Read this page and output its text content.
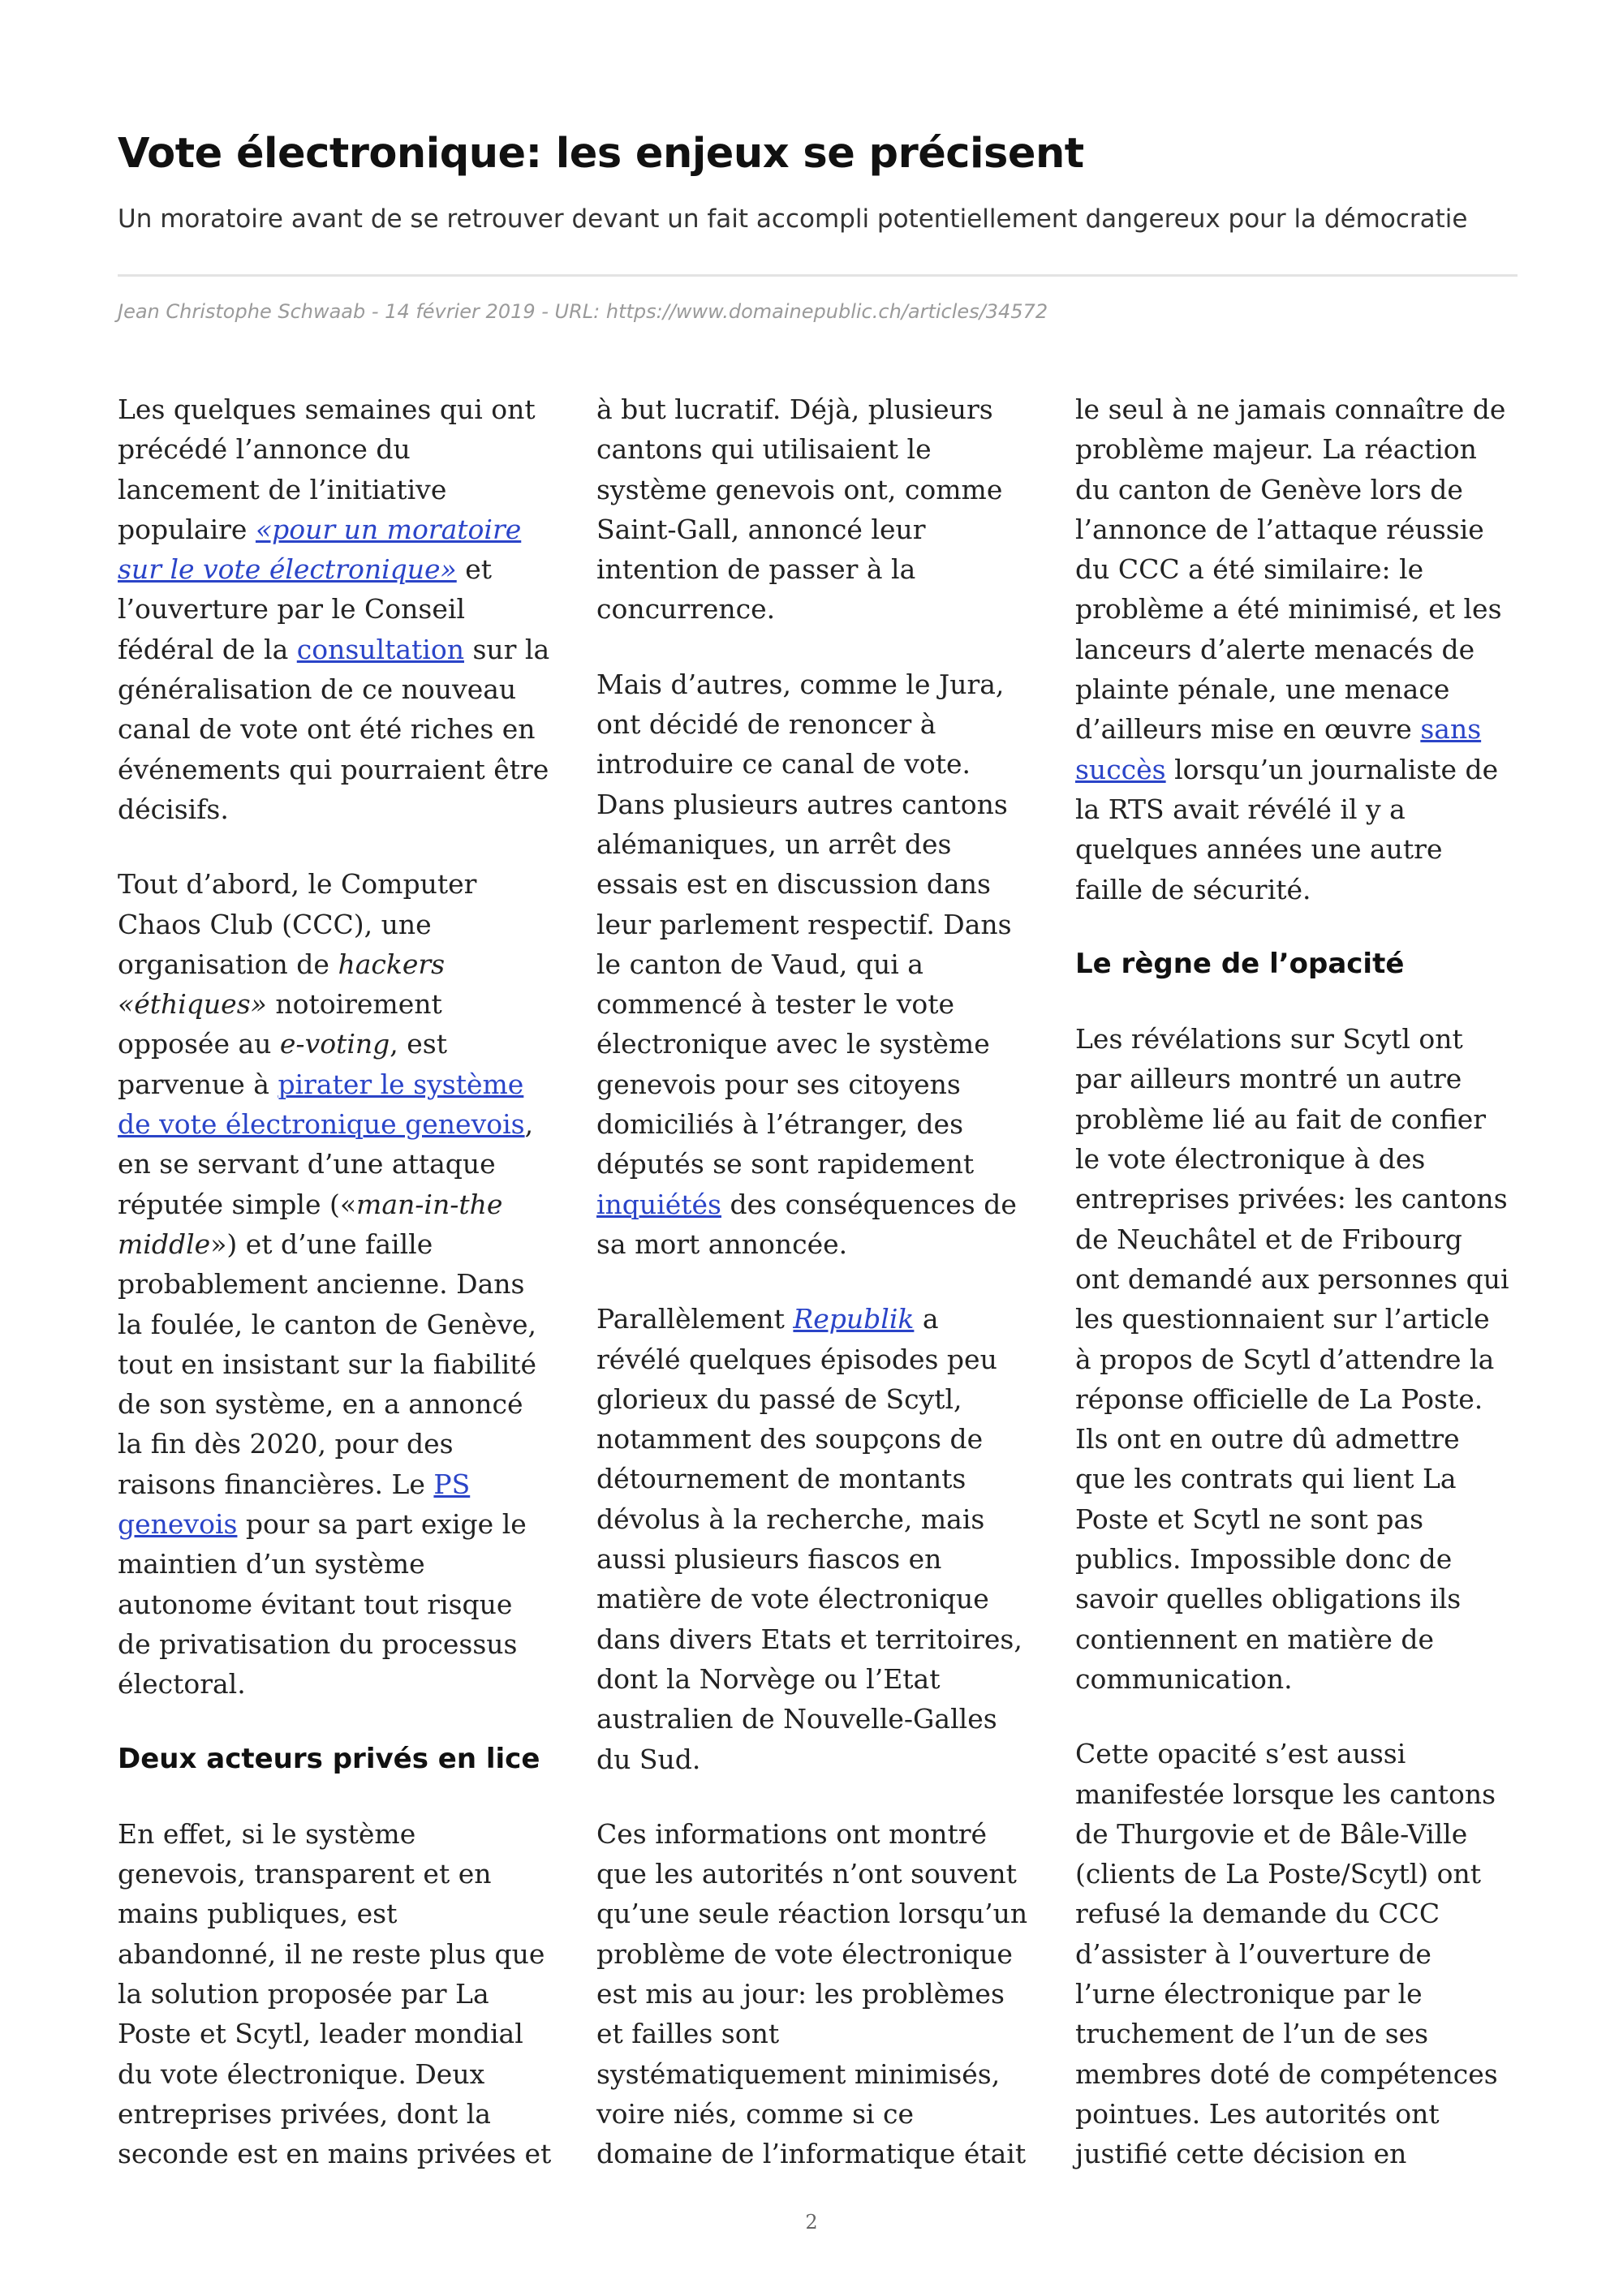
Vote électronique: les enjeux se précisent

Un moratoire avant de se retrouver devant un fait accompli potentiellement dangereux pour la démocratie

Jean Christophe Schwaab - 14 février 2019 - URL: https://www.domainepublic.ch/articles/34572

Les quelques semaines qui ont
précédé l’annonce du
lancement de l’initiative
populaire «pour un moratoire
sur le vote électronique» et
l’ouverture par le Conseil
fédéral de la consultation sur la
généralisation de ce nouveau
canal de vote ont été riches en
événements qui pourraient être
décisifs.

Tout d’abord, le Computer
Chaos Club (CCC), une
organisation de hackers
«éthiques» notoirement
opposée au e-voting, est
parvenue à pirater le système
de vote électronique genevois,
en se servant d’une attaque
réputée simple («man-in-the
middle») et d’une faille
probablement ancienne. Dans
la foulée, le canton de Genève,
tout en insistant sur la fiabilité
de son système, en a annoncé
la fin dès 2020, pour des
raisons financières. Le PS
genevois pour sa part exige le
maintien d’un système
autonome évitant tout risque
de privatisation du processus
électoral.

Deux acteurs privés en lice

En effet, si le système
genevois, transparent et en
mains publiques, est
abandonné, il ne reste plus que
la solution proposée par La
Poste et Scytl, leader mondial
du vote électronique. Deux
entreprises privées, dont la
seconde est en mains privées et

à but lucratif. Déjà, plusieurs
cantons qui utilisaient le
système genevois ont, comme
Saint-Gall, annoncé leur
intention de passer à la
concurrence.

Mais d’autres, comme le Jura,
ont décidé de renoncer à
introduire ce canal de vote.
Dans plusieurs autres cantons
alémaniques, un arrêt des
essais est en discussion dans
leur parlement respectif. Dans
le canton de Vaud, qui a
commencé à tester le vote
électronique avec le système
genevois pour ses citoyens
domiciliés à l’étranger, des
députés se sont rapidement
inquiétés des conséquences de
sa mort annoncée.

Parallèlement Republik a
révélé quelques épisodes peu
glorieux du passé de Scytl,
notamment des soupçons de
détournement de montants
dévolus à la recherche, mais
aussi plusieurs fiascos en
matière de vote électronique
dans divers Etats et territoires,
dont la Norvège ou l’Etat
australien de Nouvelle-Galles
du Sud.

Ces informations ont montré
que les autorités n’ont souvent
qu’une seule réaction lorsqu’un
problème de vote électronique
est mis au jour: les problèmes
et failles sont
systématiquement minimisés,
voire niés, comme si ce
domaine de l’informatique était

le seul à ne jamais connaître de
problème majeur. La réaction
du canton de Genève lors de
l’annonce de l’attaque réussie
du CCC a été similaire: le
problème a été minimisé, et les
lanceurs d’alerte menacés de
plainte pénale, une menace
d’ailleurs mise en œuvre sans
succès lorsqu’un journaliste de
la RTS avait révélé il y a
quelques années une autre
faille de sécurité.

Le règne de l’opacité

Les révélations sur Scytl ont
par ailleurs montré un autre
problème lié au fait de confier
le vote électronique à des
entreprises privées: les cantons
de Neuchâtel et de Fribourg
ont demandé aux personnes qui
les questionnaient sur l’article
à propos de Scytl d’attendre la
réponse officielle de La Poste.
Ils ont en outre dû admettre
que les contrats qui lient La
Poste et Scytl ne sont pas
publics. Impossible donc de
savoir quelles obligations ils
contiennent en matière de
communication.

Cette opacité s’est aussi
manifestée lorsque les cantons
de Thurgovie et de Bâle-Ville
(clients de La Poste/Scytl) ont
refusé la demande du CCC
d’assister à l’ouverture de
l’urne électronique par le
truchement de l’un de ses
membres doté de compétences
pointues. Les autorités ont
justifié cette décision en

2
